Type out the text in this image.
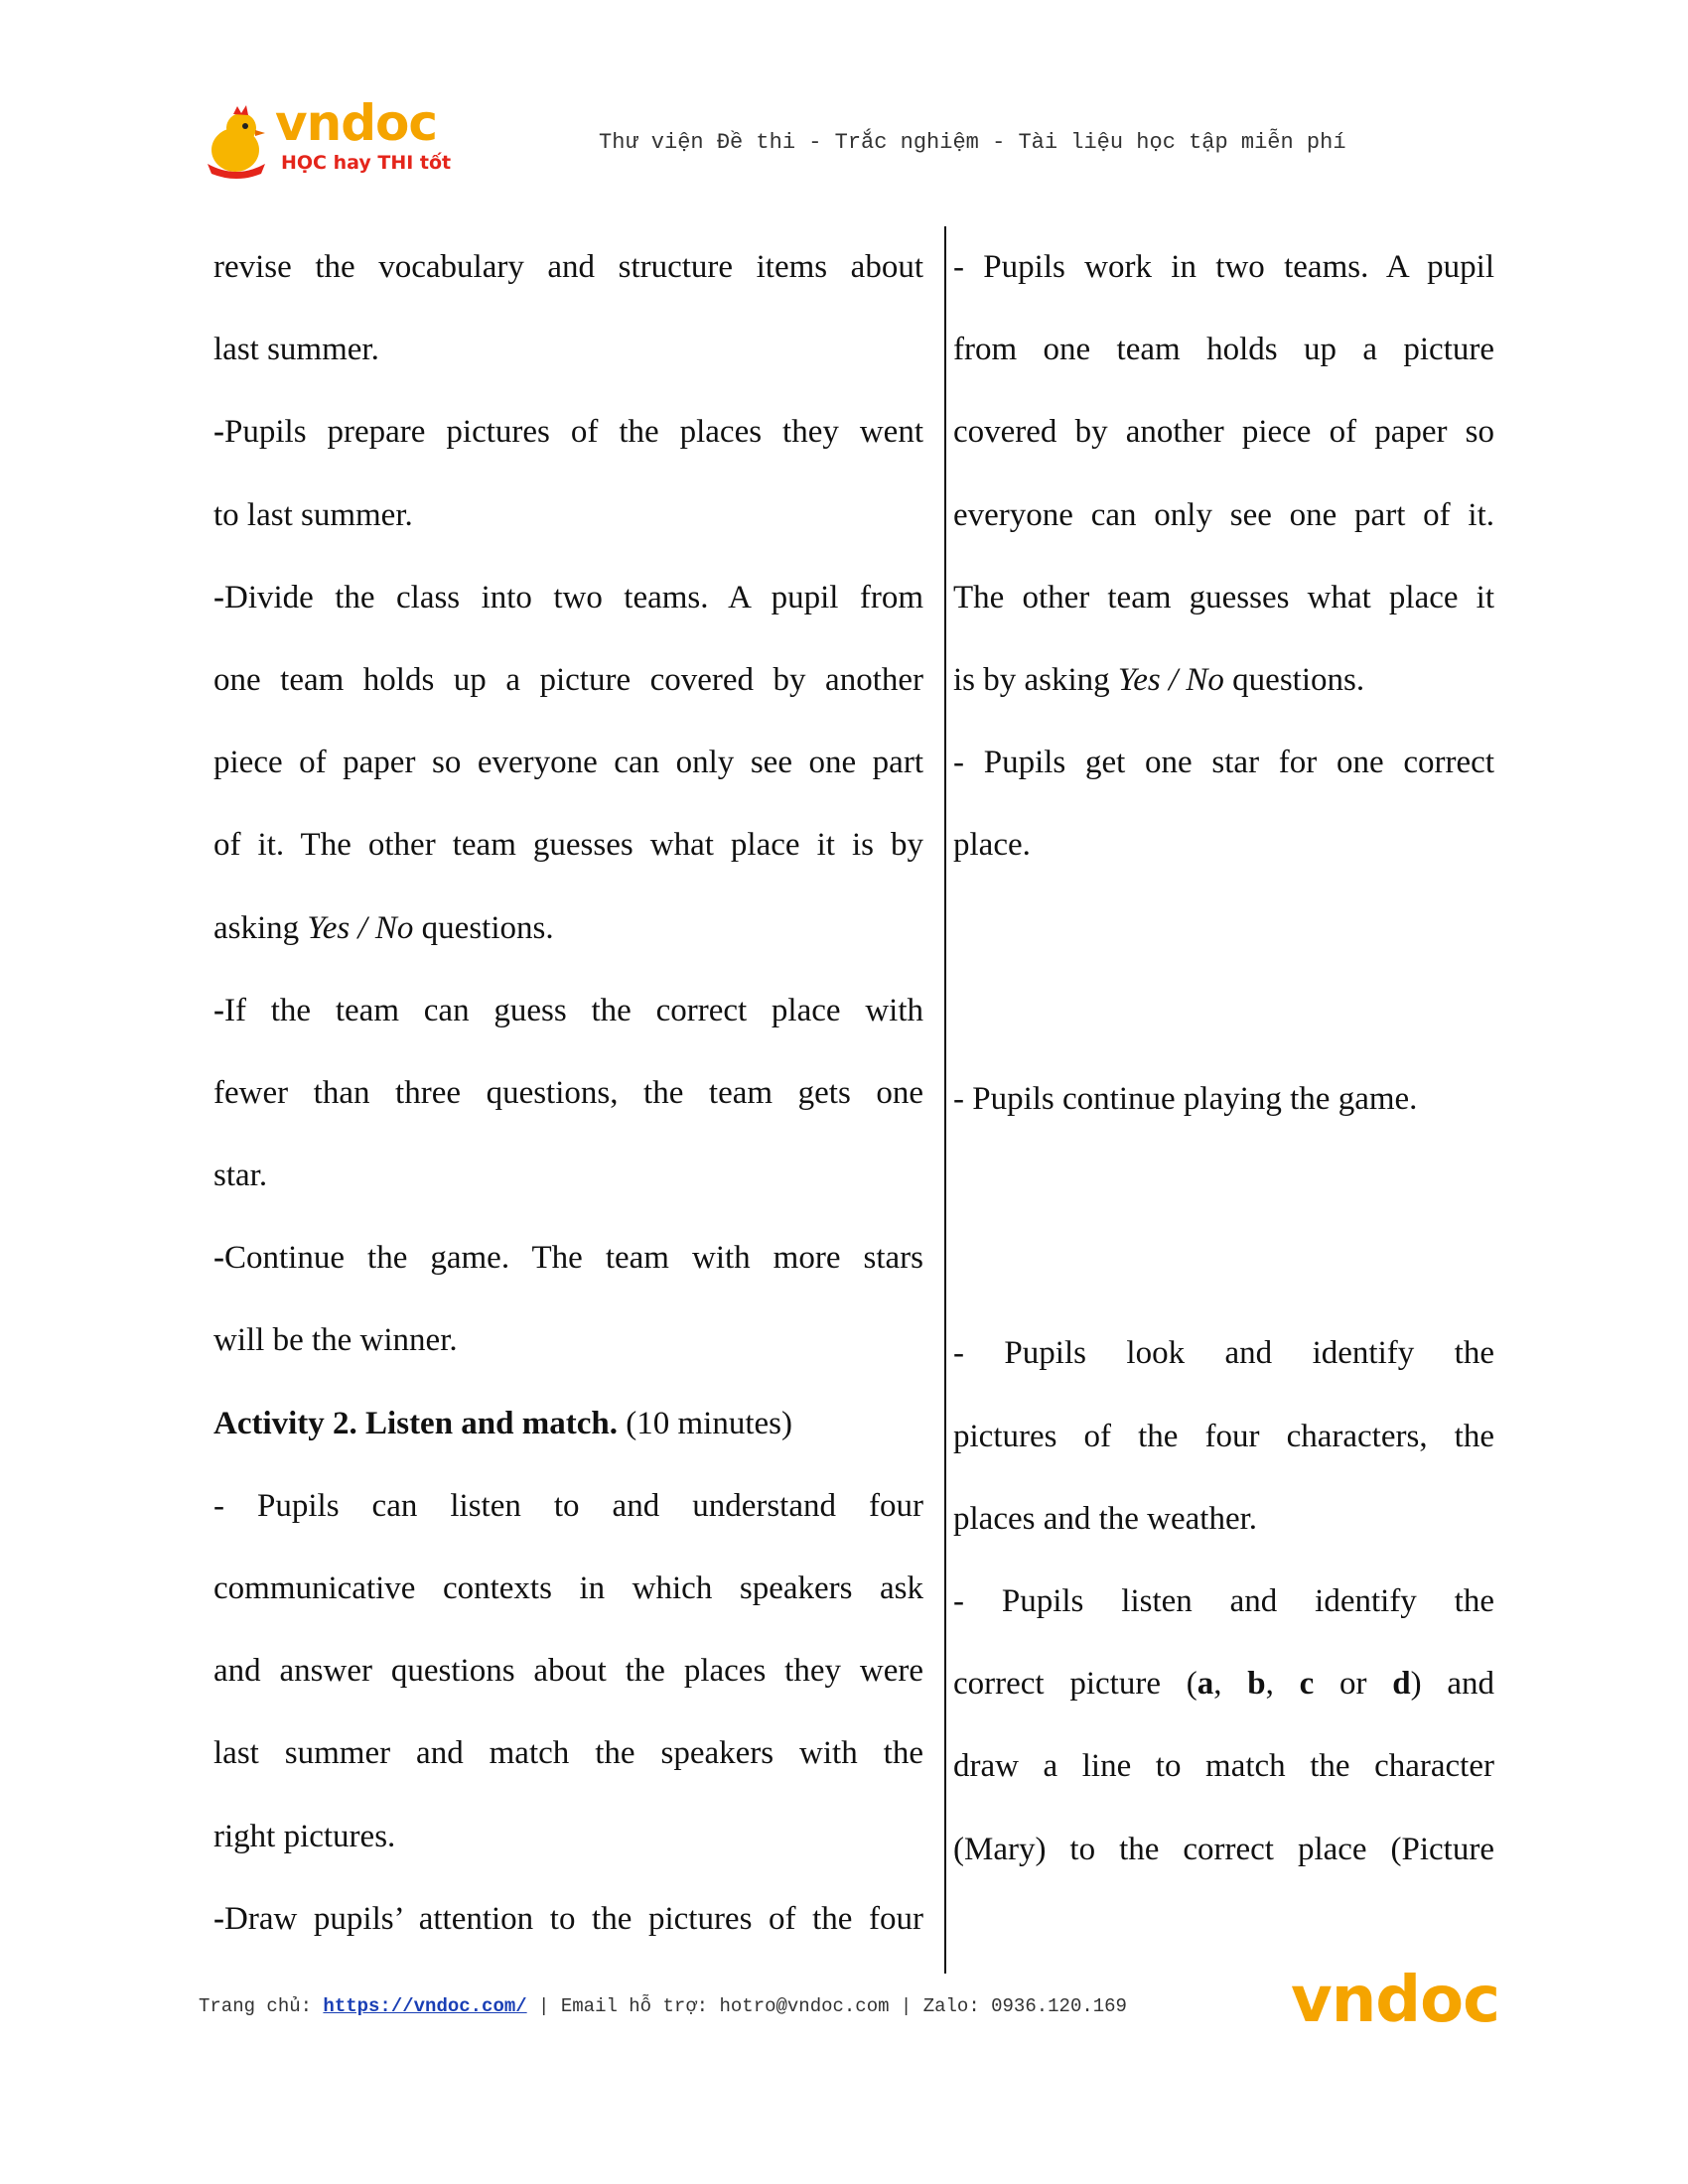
vndoc
HỌC hay THI tốt
Thư viện Đề thi - Trắc nghiệm - Tài liệu học tập miễn phí
revise the vocabulary and structure items about
last summer.
-Pupils prepare pictures of the places they went
to last summer.
-Divide the class into two teams. A pupil from
one team holds up a picture covered by another
piece of paper so everyone can only see one part
of it. The other team guesses what place it is by
asking Yes / No questions.
-If the team can guess the correct place with
fewer than three questions, the team gets one
star.
-Continue the game. The team with more stars
will be the winner.
Activity 2. Listen and match. (10 minutes)
- Pupils can listen to and understand four
communicative contexts in which speakers ask
and answer questions about the places they were
last summer and match the speakers with the
right pictures.
-Draw pupils’ attention to the pictures of the four
- Pupils work in two teams. A pupil
from one team holds up a picture
covered by another piece of paper so
everyone can only see one part of it.
The other team guesses what place it
is by asking Yes / No questions.
- Pupils get one star for one correct
place.
- Pupils continue playing the game.
- Pupils look and identify the
pictures of the four characters, the
places and the weather.
- Pupils listen and identify the
correct picture (a, b, c or d) and
draw a line to match the character
(Mary) to the correct place (Picture
Trang chủ: https://vndoc.com/ | Email hỗ trợ: hotro@vndoc.com | Zalo: 0936.120.169	vndoc
